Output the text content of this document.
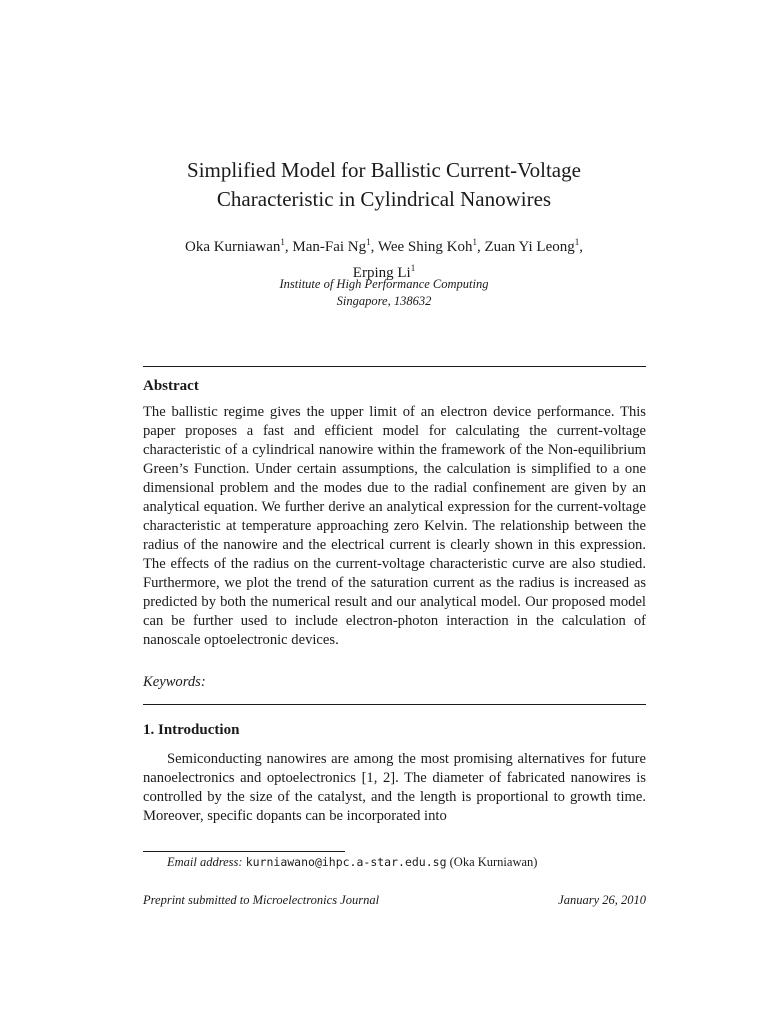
Simplified Model for Ballistic Current-Voltage
Characteristic in Cylindrical Nanowires
Oka Kurniawan$^1$, Man-Fai Ng$^1$, Wee Shing Koh$^1$, Zuan Yi Leong$^1$,
Erping Li$^1$
Institute of High Performance Computing
Singapore, 138632
Abstract
The ballistic regime gives the upper limit of an electron device performance. This paper proposes a fast and efficient model for calculating the current-voltage characteristic of a cylindrical nanowire within the framework of the Non-equilibrium Green’s Function. Under certain assumptions, the calculation is simplified to a one dimensional problem and the modes due to the radial confinement are given by an analytical equation. We further derive an analytical expression for the current-voltage characteristic at temperature approaching zero Kelvin. The relationship between the radius of the nanowire and the electrical current is clearly shown in this expression. The effects of the radius on the current-voltage characteristic curve are also studied. Furthermore, we plot the trend of the saturation current as the radius is increased as predicted by both the numerical result and our analytical model. Our proposed model can be further used to include electron-photon interaction in the calculation of nanoscale optoelectronic devices.
Keywords:
1. Introduction
Semiconducting nanowires are among the most promising alternatives for future nanoelectronics and optoelectronics [1, 2]. The diameter of fabricated nanowires is controlled by the size of the catalyst, and the length is proportional to growth time. Moreover, specific dopants can be incorporated into
Email address: kurniawano@ihpc.a-star.edu.sg (Oka Kurniawan)
Preprint submitted to Microelectronics Journal	January 26, 2010
